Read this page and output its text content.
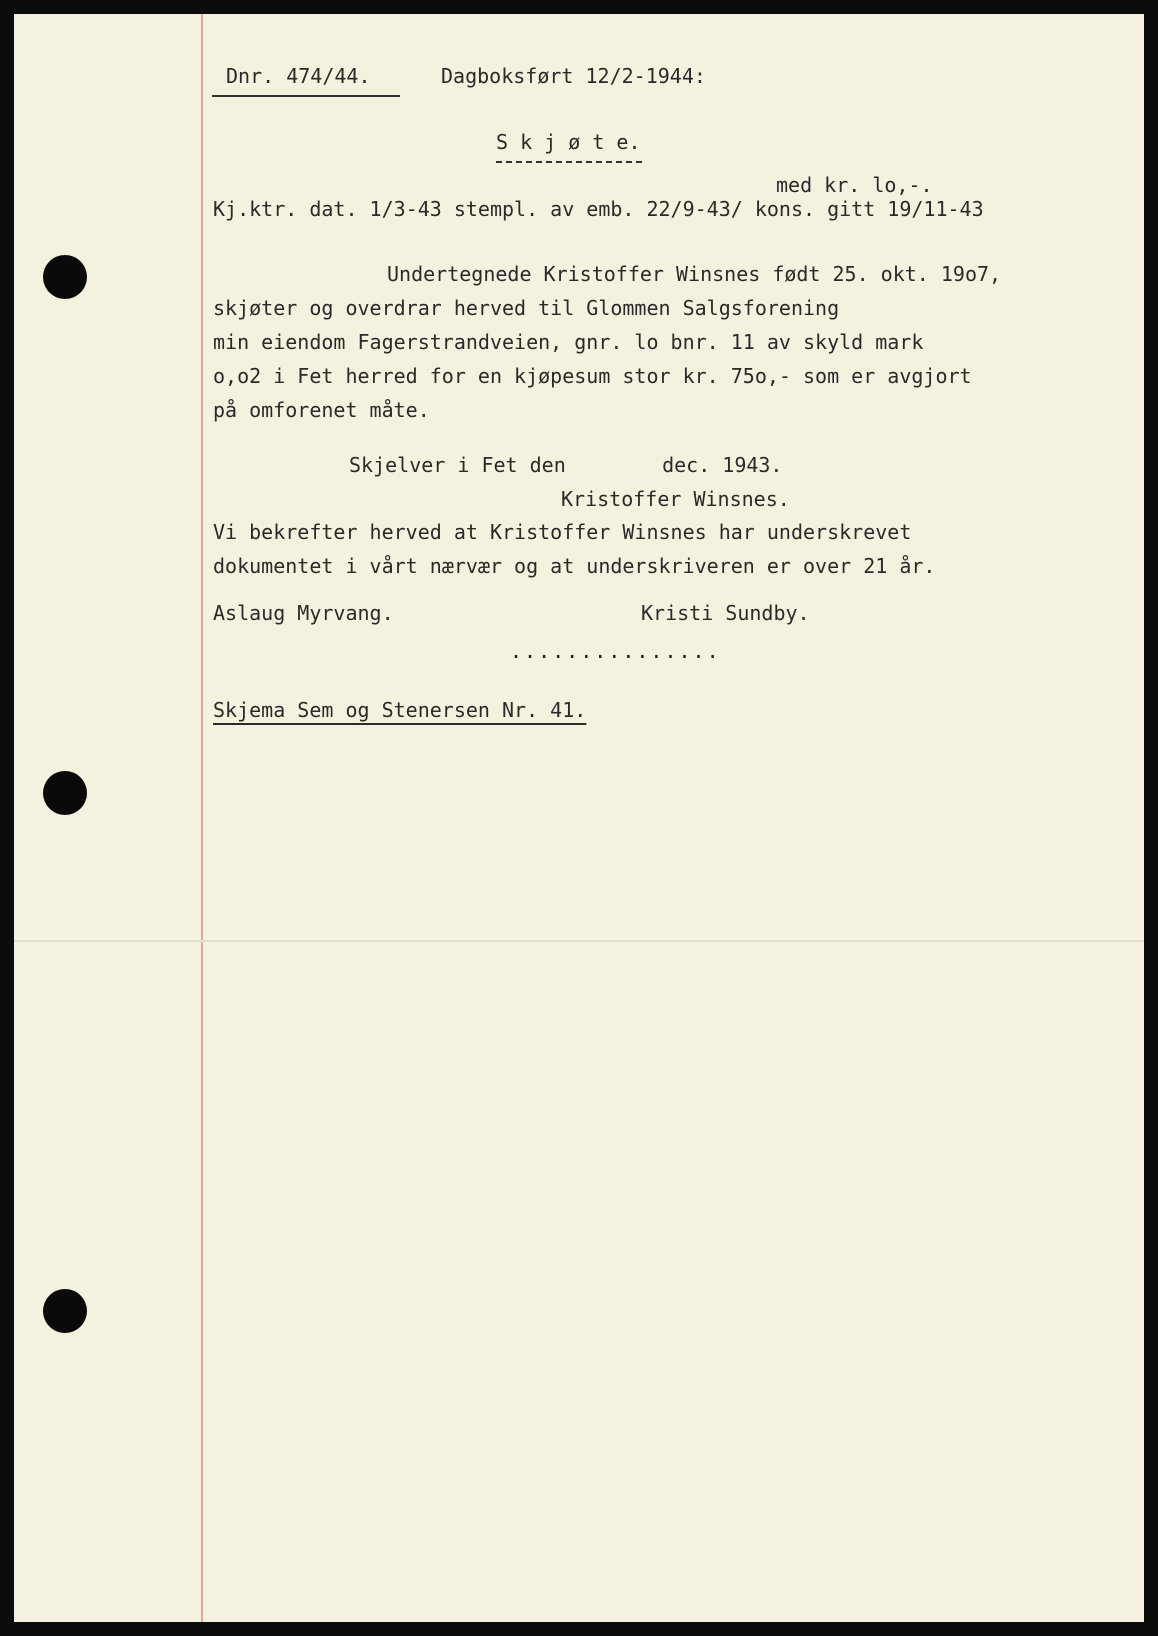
Dnr. 474/44.	Dagboksført 12/2-1944:
S k j ø t e.
med kr. lo,-.
Kj.ktr. dat. 1/3-43 stempl. av emb. 22/9-43/ kons. gitt 19/11-43
Undertegnede Kristoffer Winsnes født 25. okt. 19o7,
skjøter og overdrar herved til Glommen Salgsforening
min eiendom Fagerstrandveien, gnr. lo bnr. 11 av skyld mark
o,o2 i Fet herred for en kjøpesum stor kr. 75o,- som er avgjort
på omforenet måte.
Skjelver i Fet den        dec. 1943.
Kristoffer Winsnes.
Vi bekrefter herved at Kristoffer Winsnes har underskrevet
dokumentet i vårt nærvær og at underskriveren er over 21 år.
Aslaug Myrvang.	Kristi Sundby.
...............
Skjema Sem og Stenersen Nr. 41.
